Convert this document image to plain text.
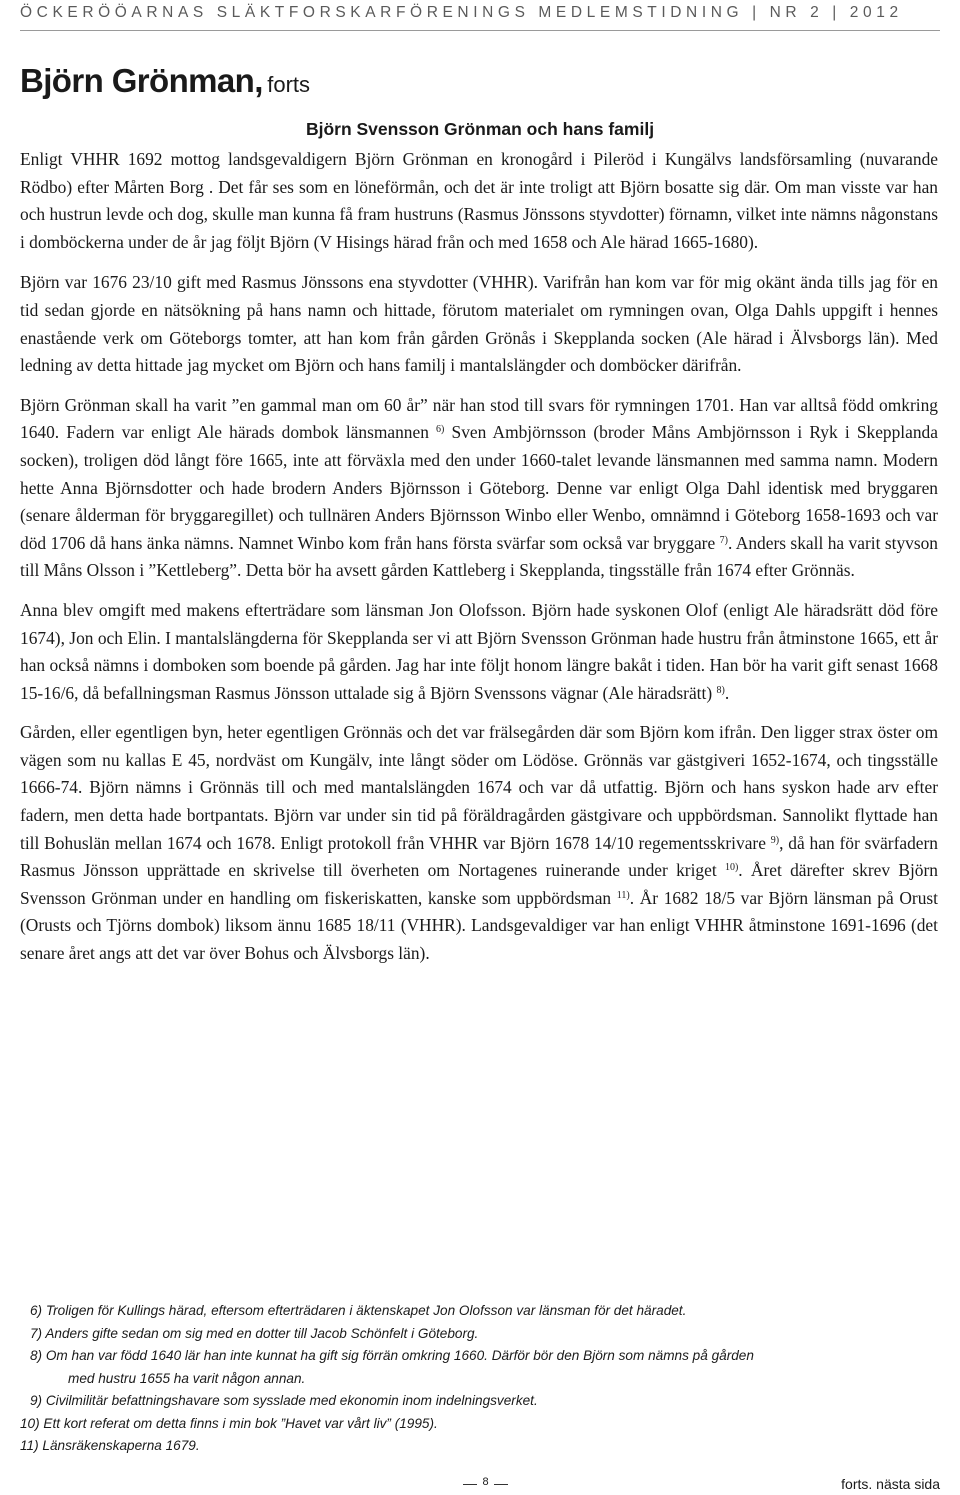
ÖCKERÖÖARNAS SLÄKTFORSKARFÖRENINGS MEDLEMSTIDNING | NR 2 | 2012
Björn Grönman, forts
Björn Svensson Grönman och hans familj

Enligt VHHR 1692 mottog landsgevaldigern Björn Grönman en kronogård i Pileröd i Kungälvs landsförsamling (nuvarande Rödbo) efter Mårten Borg . Det får ses som en löneförmån, och det är inte troligt att Björn bosatte sig där. Om man visste var han och hustrun levde och dog, skulle man kunna få fram hustruns (Rasmus Jönssons styvdotter) förnamn, vilket inte nämns någonstans i domböckerna under de år jag följt Björn (V Hisings härad från och med 1658 och Ale härad 1665-1680).

Björn var 1676 23/10 gift med Rasmus Jönssons ena styvdotter (VHHR). Varifrån han kom var för mig okänt ända tills jag för en tid sedan gjorde en nätsökning på hans namn och hittade, förutom materialet om rymningen ovan, Olga Dahls uppgift i hennes enastående verk om Göteborgs tomter, att han kom från gården Grönås i Skepplanda socken (Ale härad i Älvsborgs län). Med ledning av detta hittade jag mycket om Björn och hans familj i mantalslängder och domböcker därifrån.

Björn Grönman skall ha varit ”en gammal man om 60 år” när han stod till svars för rymningen 1701. Han var alltså född omkring 1640. Fadern var enligt Ale härads dombok länsmannen $^{6)}$ Sven Ambjörnsson (broder Måns Ambjörnsson i Ryk i Skepplanda socken), troligen död långt före 1665, inte att förväxla med den under 1660-talet levande länsmannen med samma namn. Modern hette Anna Björnsdotter och hade brodern Anders Björnsson i Göteborg. Denne var enligt Olga Dahl identisk med bryggaren (senare ålderman för bryggaregillet) och tullnären Anders Björnsson Winbo eller Wenbo, omnämnd i Göteborg 1658-1693 och var död 1706 då hans änka nämns. Namnet Winbo kom från hans första svärfar som också var bryggare $^{7)}$. Anders skall ha varit styvson till Måns Olsson i ”Kettleberg”. Detta bör ha avsett gården Kattleberg i Skepplanda, tingsställe från 1674 efter Grönnäs.

Anna blev omgift med makens efterträdare som länsman Jon Olofsson. Björn hade syskonen Olof (enligt Ale häradsrätt död före 1674), Jon och Elin. I mantalslängderna för Skepplanda ser vi att Björn Svensson Grönman hade hustru från åtminstone 1665, ett år han också nämns i domboken som boende på gården. Jag har inte följt honom längre bakåt i tiden. Han bör ha varit gift senast 1668 15-16/6, då befallningsman Rasmus Jönsson uttalade sig å Björn Svenssons vägnar (Ale häradsrätt) $^{8)}$.

Gården, eller egentligen byn, heter egentligen Grönnäs och det var frälsegården där som Björn kom ifrån. Den ligger strax öster om vägen som nu kallas E 45, nordväst om Kungälv, inte långt söder om Lödöse. Grönnäs var gästgiveri 1652-1674, och tingsställe 1666-74. Björn nämns i Grönnäs till och med mantalslängden 1674 och var då utfattig. Björn och hans syskon hade arv efter fadern, men detta hade bortpantats. Björn var under sin tid på föräldragården gästgivare och uppbördsman. Sannolikt flyttade han till Bohuslän mellan 1674 och 1678. Enligt protokoll från VHHR var Björn 1678 14/10 regementsskrivare $^{9)}$, då han för svärfadern Rasmus Jönsson upprättade en skrivelse till överheten om Nortagenes ruinerande under kriget $^{10)}$. Året därefter skrev Björn Svensson Grönman under en handling om fiskeriskatten, kanske som uppbördsman $^{11)}$. År 1682 18/5 var Björn länsman på Orust (Orusts och Tjörns dombok) liksom ännu 1685 18/11 (VHHR). Landsgevaldiger var han enligt VHHR åtminstone 1691-1696 (det senare året angs att det var över Bohus och Älvsborgs län).

6) Troligen för Kullings härad, eftersom efterträdaren i äktenskapet Jon Olofsson var länsman för det häradet.
7) Anders gifte sedan om sig med en dotter till Jacob Schönfelt i Göteborg.
8) Om han var född 1640 lär han inte kunnat ha gift sig förrän omkring 1660. Därför bör den Björn som nämns på gården
med hustru 1655 ha varit någon annan.
9) Civilmilitär befattningshavare som sysslade med ekonomin inom indelningsverket.
10) Ett kort referat om detta finns i min bok ”Havet var vårt liv” (1995).
11) Länsräkenskaperna 1679.
8	forts. nästa sida
